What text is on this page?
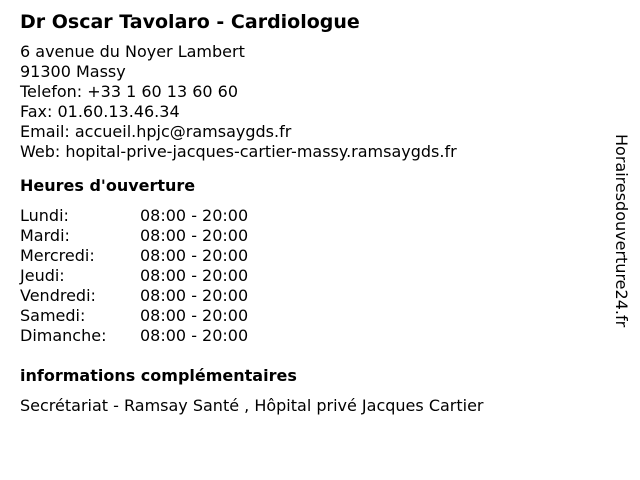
Dr Oscar Tavolaro - Cardiologue
6 avenue du Noyer Lambert
91300 Massy
Telefon: +33 1 60 13 60 60
Fax: 01.60.13.46.34
Email: accueil.hpjc@ramsaygds.fr
Web: hopital-prive-jacques-cartier-massy.ramsaygds.fr
Heures d'ouverture
Lundi:	08:00 - 20:00
Mardi:	08:00 - 20:00
Mercredi:	08:00 - 20:00
Jeudi:	08:00 - 20:00
Vendredi:	08:00 - 20:00
Samedi:	08:00 - 20:00
Dimanche:	08:00 - 20:00
informations complémentaires
Secrétariat - Ramsay Santé , Hôpital privé Jacques Cartier
Horairesdouverture24.fr
